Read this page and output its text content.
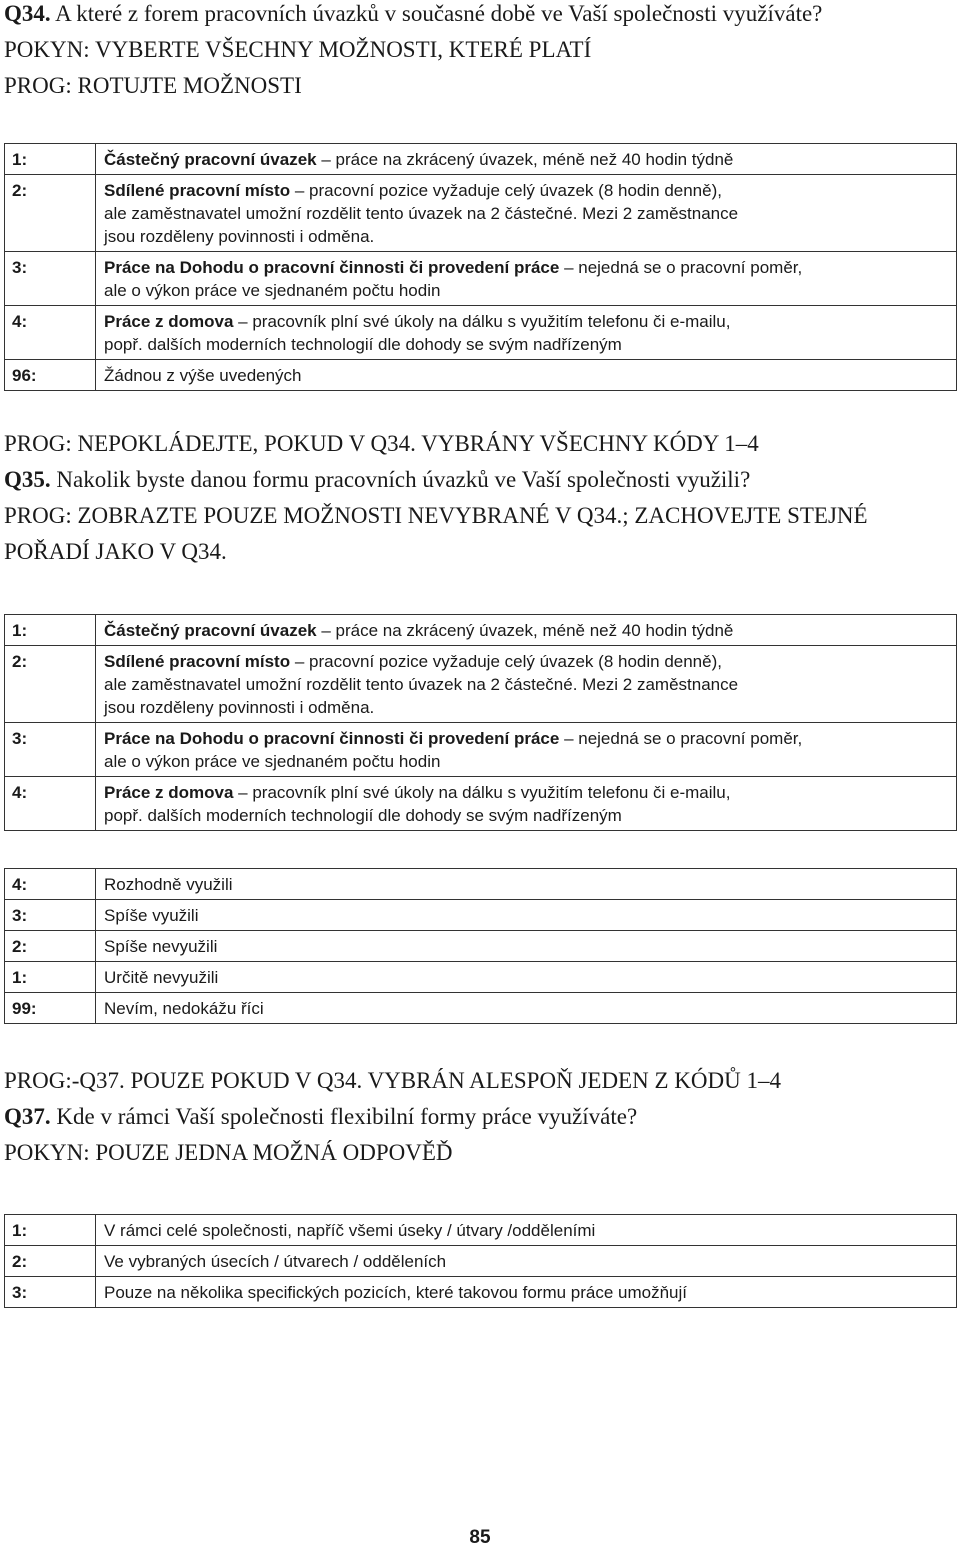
Q34. A které z forem pracovních úvazků v současné době ve Vaší společnosti využíváte?

POKYN: VYBERTE VŠECHNY MOŽNOSTI, KTERÉ PLATÍ

PROG: ROTUJTE MOŽNOSTI

1:	Částečný pracovní úvazek – práce na zkrácený úvazek, méně než 40 hodin týdně
2:	Sdílené pracovní místo – pracovní pozice vyžaduje celý úvazek (8 hodin denně),
ale zaměstnavatel umožní rozdělit tento úvazek na 2 částečné. Mezi 2 zaměstnance
jsou rozděleny povinnosti i odměna.
3:	Práce na Dohodu o pracovní činnosti či provedení práce – nejedná se o pracovní poměr,
ale o výkon práce ve sjednaném počtu hodin
4:	Práce z domova – pracovník plní své úkoly na dálku s využitím telefonu či e-mailu,
popř. dalších moderních technologií dle dohody se svým nadřízeným
96:	Žádnou z výše uvedených

PROG: NEPOKLÁDEJTE, POKUD V Q34. VYBRÁNY VŠECHNY KÓDY 1–4

Q35. Nakolik byste danou formu pracovních úvazků ve Vaší společnosti využili?

PROG: ZOBRAZTE POUZE MOŽNOSTI NEVYBRANÉ V Q34.; ZACHOVEJTE STEJNÉ

POŘADÍ JAKO V Q34.

1:	Částečný pracovní úvazek – práce na zkrácený úvazek, méně než 40 hodin týdně
2:	Sdílené pracovní místo – pracovní pozice vyžaduje celý úvazek (8 hodin denně),
ale zaměstnavatel umožní rozdělit tento úvazek na 2 částečné. Mezi 2 zaměstnance
jsou rozděleny povinnosti i odměna.
3:	Práce na Dohodu o pracovní činnosti či provedení práce – nejedná se o pracovní poměr,
ale o výkon práce ve sjednaném počtu hodin
4:	Práce z domova – pracovník plní své úkoly na dálku s využitím telefonu či e-mailu,
popř. dalších moderních technologií dle dohody se svým nadřízeným
4:	Rozhodně využili
3:	Spíše využili
2:	Spíše nevyužili
1:	Určitě nevyužili
99:	Nevím, nedokážu říci

PROG:-Q37. POUZE POKUD V Q34. VYBRÁN ALESPOŇ JEDEN Z KÓDŮ 1–4

Q37. Kde v rámci Vaší společnosti flexibilní formy práce využíváte?

POKYN: POUZE JEDNA MOŽNÁ ODPOVĚĎ

1:	V rámci celé společnosti, napříč všemi úseky / útvary /odděleními
2:	Ve vybraných úsecích / útvarech / odděleních
3:	Pouze na několika specifických pozicích, které takovou formu práce umožňují
85
